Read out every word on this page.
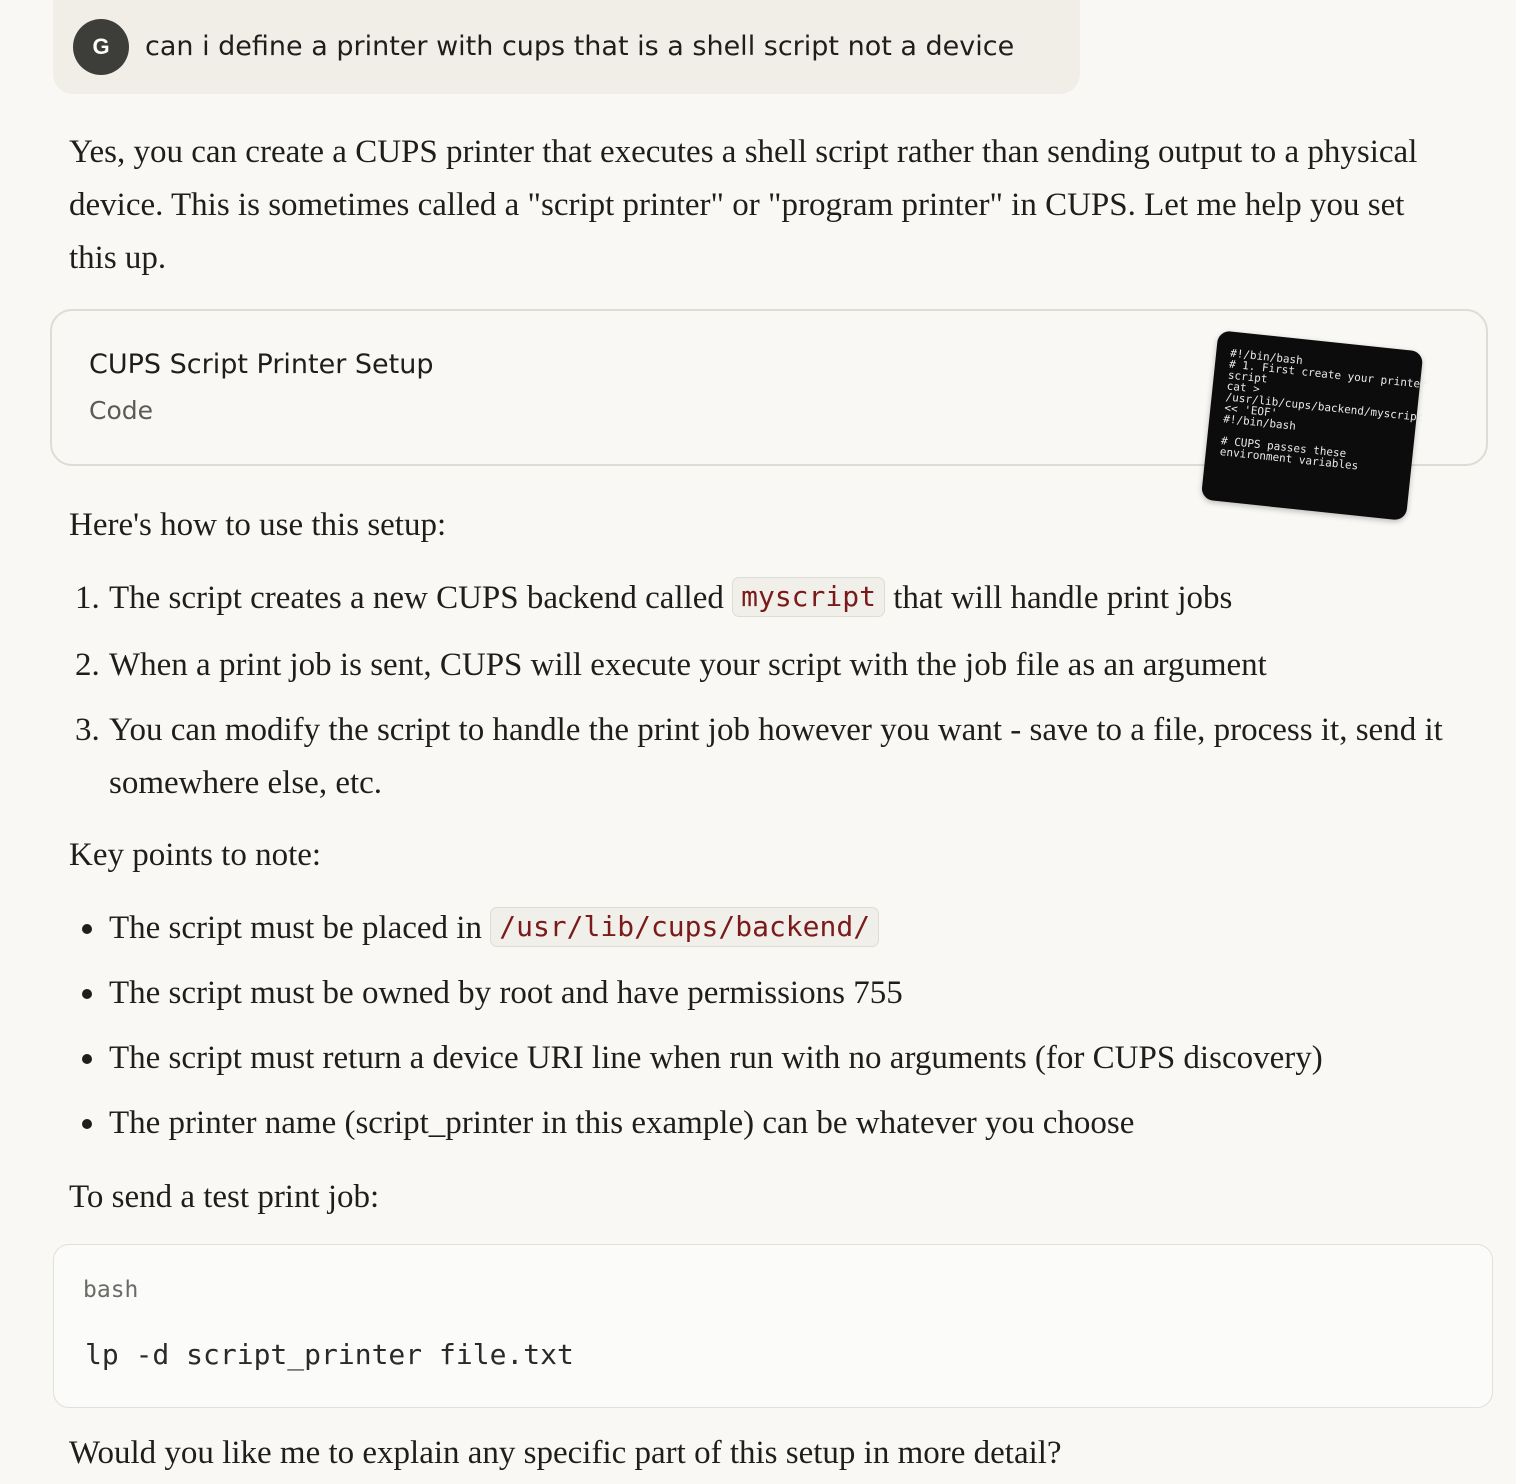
G	can i define a printer with cups that is a shell script not a device

Yes, you can create a CUPS printer that executes a shell script rather than sending output to a physical device. This is sometimes called a "script printer" or "program printer" in CUPS. Let me help you set this up.

CUPS Script Printer Setup
Code
#!/bin/bash
# 1. First create your printer
script
cat >
/usr/lib/cups/backend/myscript
<< 'EOF'
#!/bin/bash

# CUPS passes these
environment variables

Here's how to use this setup:

1. The script creates a new CUPS backend called myscript that will handle print jobs
2. When a print job is sent, CUPS will execute your script with the job file as an argument
3. You can modify the script to handle the print job however you want - save to a file, process it, send it somewhere else, etc.

Key points to note:

The script must be placed in /usr/lib/cups/backend/
The script must be owned by root and have permissions 755
The script must return a device URI line when run with no arguments (for CUPS discovery)
The printer name (script_printer in this example) can be whatever you choose

To send a test print job:

bash
lp -d script_printer file.txt

Would you like me to explain any specific part of this setup in more detail?
